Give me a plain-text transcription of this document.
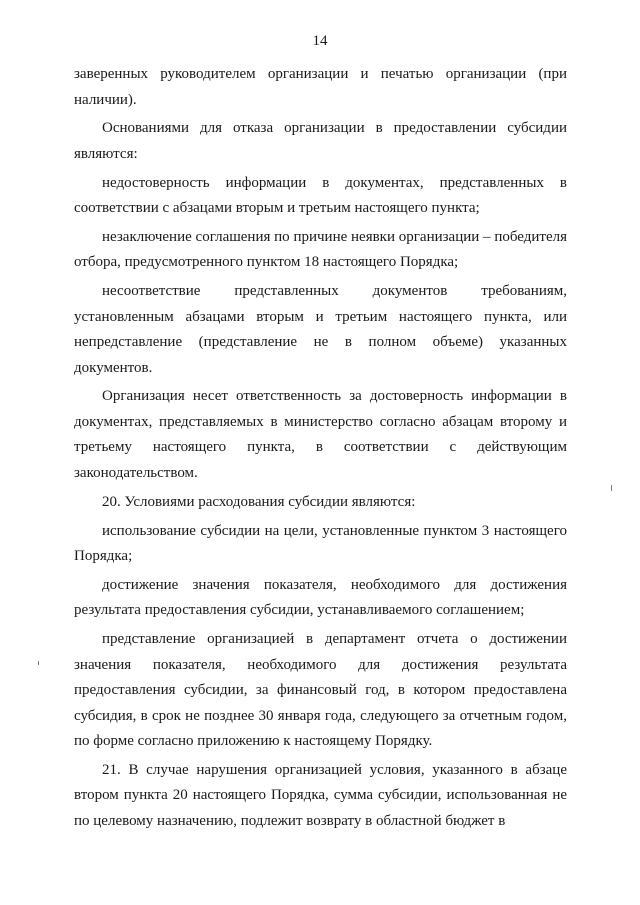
14

заверенных руководителем организации и печатью организации (при наличии).

Основаниями для отказа организации в предоставлении субсидии являются:

недостоверность информации в документах, представленных в соответствии с абзацами вторым и третьим настоящего пункта;

незаключение соглашения по причине неявки организации – победителя отбора, предусмотренного пунктом 18 настоящего Порядка;

несоответствие представленных документов требованиям, установленным абзацами вторым и третьим настоящего пункта, или непредставление (представление не в полном объеме) указанных документов.

Организация несет ответственность за достоверность информации в документах, представляемых в министерство согласно абзацам второму и третьему настоящего пункта, в соответствии с действующим законодательством.

20. Условиями расходования субсидии являются:

использование субсидии на цели, установленные пунктом 3 настоящего Порядка;

достижение значения показателя, необходимого для достижения результата предоставления субсидии, устанавливаемого соглашением;

представление организацией в департамент отчета о достижении значения показателя, необходимого для достижения результата предоставления субсидии, за финансовый год, в котором предоставлена субсидия, в срок не позднее 30 января года, следующего за отчетным годом, по форме согласно приложению к настоящему Порядку.

21. В случае нарушения организацией условия, указанного в абзаце втором пункта 20 настоящего Порядка, сумма субсидии, использованная не по целевому назначению, подлежит возврату в областной бюджет в
